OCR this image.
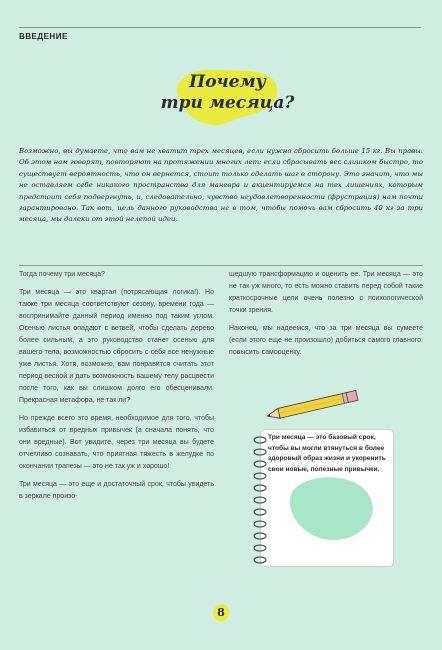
ВВЕДЕНИЕ
Почему
три месяца?
Возможно, вы думаете, что вам не хватит трех месяцев, если нужно сбросить больше 15 кг. Вы правы. Об этом нам говорят, повторяют на протяжении многих лет: если сбрасывать вес слишком быстро, то существует вероятность, что он вернется, стоит только сделать шаг в сторону. Это значит, что мы не оставляем себе никакого пространства для маневра и акцентируемся на тех лишениях, которым предстоит себя подвергнуть, и, следовательно, чувство неудовлетворенности (фрустрация) нам почти гарантировано. Так вот, цель данного руководства не в том, чтобы помочь вам сбросить 40 кг за три месяца, мы далеки от этой нелепой идеи.

Тогда почему три месяца?

Три месяца — это квартал (потрясающая логика!). Но также три месяца соответствуют сезону, времени года — воспринимайте данный период именно под таким углом. Осенью листья опадают с ветвей, чтобы сделать дерево более сильным, а это руководство станет осенью для вашего тела, возможностью сбросить с себя все ненужные уже листья. Хотя, возможно, вам понравится считать этот период весной и дать возможность вашему телу расцвести после того, как вы слишком долго его обесценивали. Прекрасная метафора, не так ли?

Но прежде всего это время, необходимое для того, чтобы избавиться от вредных привычек (а сначала понять, что они вредные). Вот увидите, через три месяца вы будете отчетливо сознавать, что приятная тяжесть в желудке по окончании трапезы — это не так уж и хорошо!

Три месяца — это еще и достаточный срок, чтобы увидеть в зеркале произо-

шедшую трансформацию и оценить ее. Три месяца — это не так уж много, то есть можно ставить перед собой такие краткосрочные цели очень полезно с психологической точки зрения.

Наконец, мы надеемся, что за три месяца вы сумеете (если этого еще не произошло) добиться самого главного: повысить самооценку.

Три месяца — это базовый срок, чтобы вы могли втянуться в более здоровый образ жизни и укоренить свои новые, полезные привычки.
8
